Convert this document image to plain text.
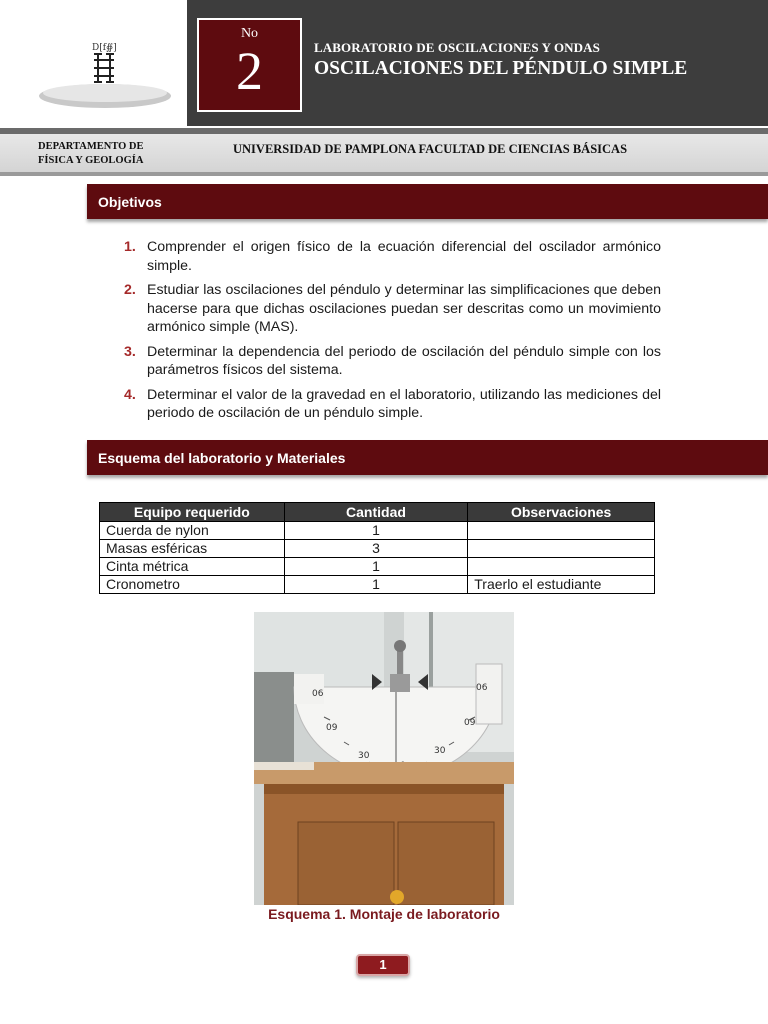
D[f∯]
No
2	LABORATORIO DE OSCILACIONES Y ONDAS
OSCILACIONES DEL PÉNDULO SIMPLE
DEPARTAMENTO DE
FÍSICA Y GEOLOGÍA
UNIVERSIDAD DE PAMPLONA FACULTAD DE CIENCIAS BÁSICAS
Objetivos
1. Comprender el origen físico de la ecuación diferencial del oscilador armónico simple.
2. Estudiar las oscilaciones del péndulo y determinar las simplificaciones que deben hacerse para que dichas oscilaciones puedan ser descritas como un movimiento armónico simple (MAS).
3. Determinar la dependencia del periodo de oscilación del péndulo simple con los parámetros físicos del sistema.
4. Determinar el valor de la gravedad en el laboratorio, utilizando las mediciones del periodo de oscilación de un péndulo simple.
Esquema del laboratorio y Materiales
Equipo requerido	Cantidad	Observaciones
Cuerda de nylon	1	
Masas esféricas	3	
Cinta métrica	1	
Cronometro	1	Traerlo el estudiante
06
09
30	30
09
06
Esquema 1. Montaje de laboratorio
1
